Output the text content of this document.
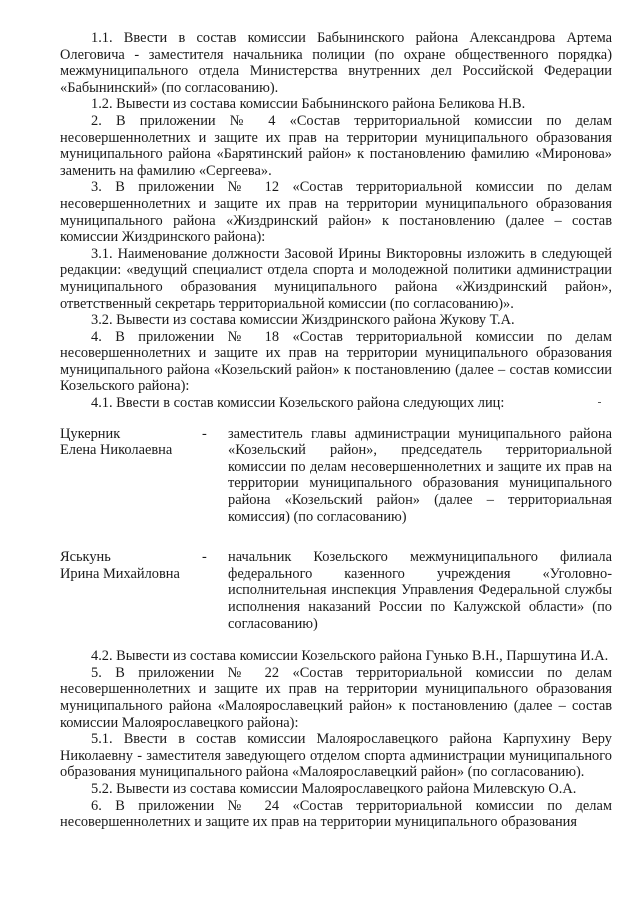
1.1. Ввести в состав комиссии Бабынинского района Александрова Артема Олеговича - заместителя начальника полиции (по охране общественного порядка) межмуниципального отдела Министерства внутренних дел Российской Федерации «Бабынинский» (по согласованию).

1.2. Вывести из состава комиссии Бабынинского района Беликова Н.В.

2. В приложении № 4 «Состав территориальной комиссии по делам несовершеннолетних и защите их прав на территории муниципального образования муниципального района «Барятинский район» к постановлению фамилию «Миронова» заменить на фамилию «Сергеева».

3. В приложении № 12 «Состав территориальной комиссии по делам несовершеннолетних и защите их прав на территории муниципального образования муниципального района «Жиздринский район» к постановлению (далее – состав комиссии Жиздринского района):

3.1. Наименование должности Засовой Ирины Викторовны изложить в следующей редакции: «ведущий специалист отдела спорта и молодежной политики администрации муниципального образования муниципального района «Жиздринский район», ответственный секретарь территориальной комиссии (по согласованию)».

3.2. Вывести из состава комиссии Жиздринского района Жукову Т.А.

4. В приложении № 18 «Состав территориальной комиссии по делам несовершеннолетних и защите их прав на территории муниципального образования муниципального района «Козельский район» к постановлению (далее – состав комиссии Козельского района):

4.1. Ввести в состав комиссии Козельского района следующих лиц:

Цукерник
Елена Николаевна
-	заместитель главы администрации муниципального района «Козельский район», председатель территориальной комиссии по делам несовершеннолетних и защите их прав на территории муниципального образования муниципального района «Козельский район» (далее – территориальная комиссия) (по согласованию)
Яськунь
Ирина Михайловна
-	начальник Козельского межмуниципального филиала федерального казенного учреждения «Уголовно-исполнительная инспекция Управления Федеральной службы исполнения наказаний России по Калужской области» (по согласованию)

4.2. Вывести из состава комиссии Козельского района Гунько В.Н., Паршутина И.А.

5. В приложении № 22 «Состав территориальной комиссии по делам несовершеннолетних и защите их прав на территории муниципального образования муниципального района «Малоярославецкий район» к постановлению (далее – состав комиссии Малоярославецкого района):

5.1. Ввести в состав комиссии Малоярославецкого района Карпухину Веру Николаевну - заместителя заведующего отделом спорта администрации муниципального образования муниципального района «Малоярославецкий район» (по согласованию).

5.2. Вывести из состава комиссии Малоярославецкого района Милевскую О.А.

6. В приложении № 24 «Состав территориальной комиссии по делам несовершеннолетних и защите их прав на территории муниципального образования
